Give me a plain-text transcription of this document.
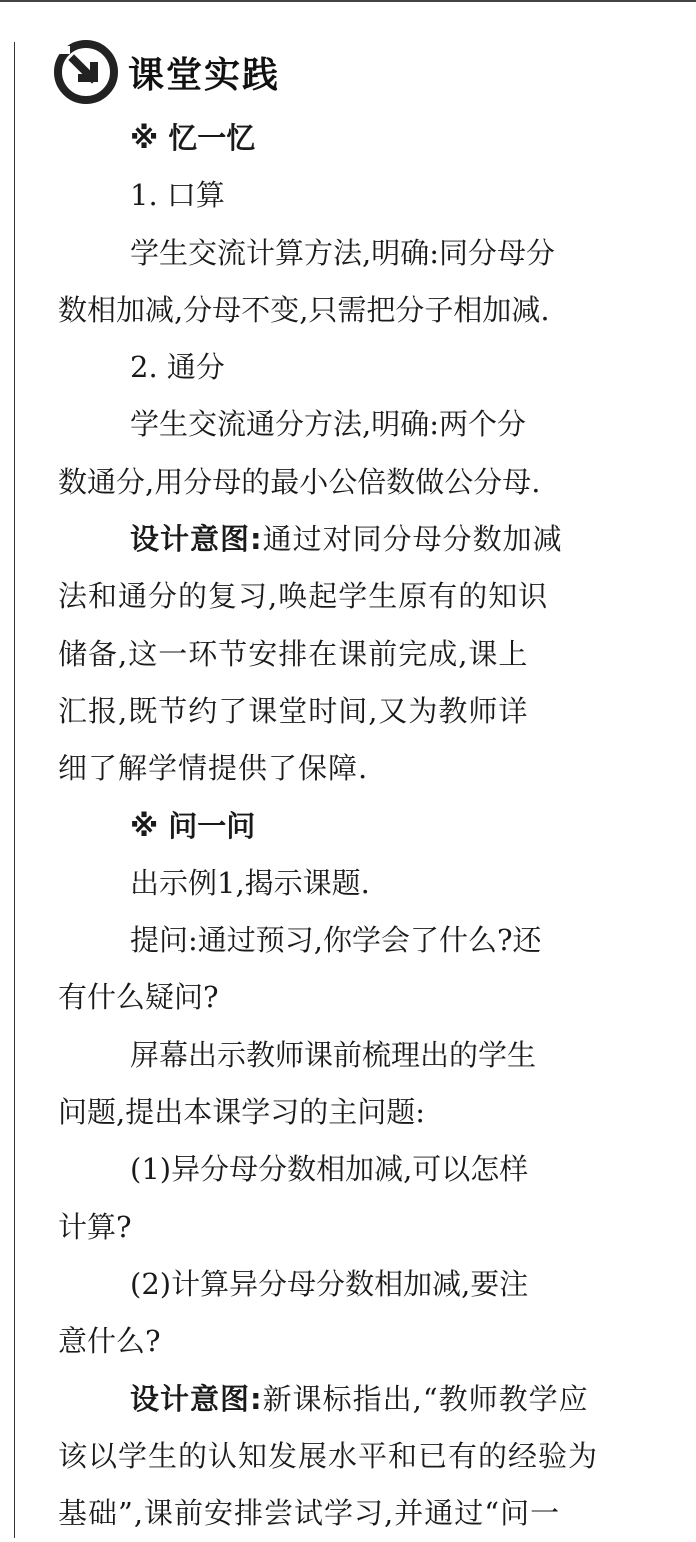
课堂实践
※ 忆一忆
1. 口算
学生交流计算方法,明确:同分母分
数相加减,分母不变,只需把分子相加减.
2. 通分
学生交流通分方法,明确:两个分
数通分,用分母的最小公倍数做公分母.
设计意图:通过对同分母分数加减
法和通分的复习,唤起学生原有的知识
储备,这一环节安排在课前完成,课上
汇报,既节约了课堂时间,又为教师详
细了解学情提供了保障.
※ 问一问
出示例1,揭示课题.
提问:通过预习,你学会了什么?还
有什么疑问?
屏幕出示教师课前梳理出的学生
问题,提出本课学习的主问题:
(1)异分母分数相加减,可以怎样
计算?
(2)计算异分母分数相加减,要注
意什么?
设计意图:新课标指出,“教师教学应
该以学生的认知发展水平和已有的经验为
基础”,课前安排尝试学习,并通过“问一
